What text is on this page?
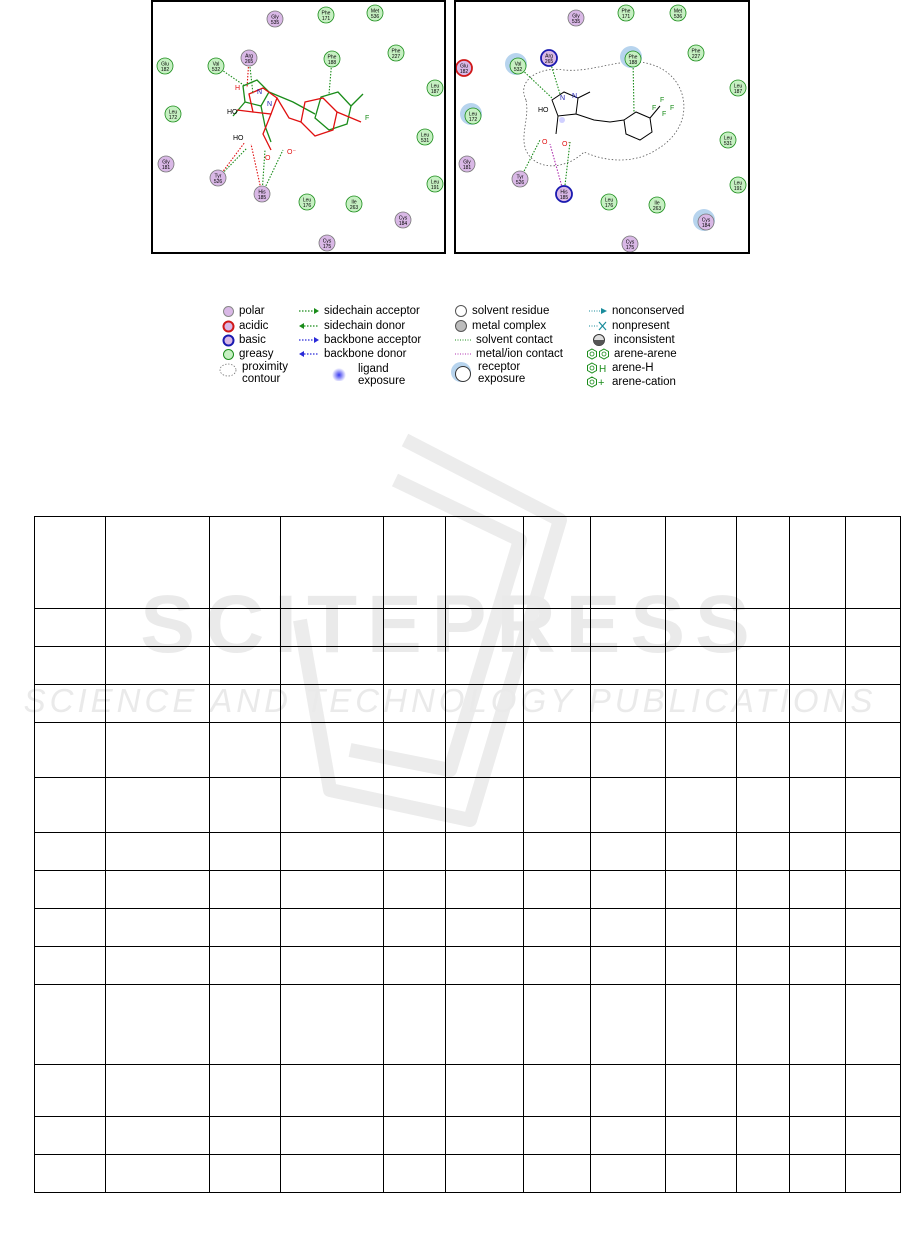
H
N
N
HO
HO
O
O⁻
F
Gly
535
Phe
171
Met
536
Glu
182
Val
532
Arg
265
Phe
188
Phe
227
Leu
187
Leu
172
Leu
531
Gly
181
Tyr
526
His
185	Leu
176
Ile
263
Leu
191
Cys
184
Cys
175
N N
HO
O O⁻
F
F
F
F
Gly
535
Phe
171
Met
536
Glu
182
Val
532
Arg
265
Phe
188
Phe
227
Leu
187
Leu
172
Leu
531
Gly
181
Tyr
526
His
185	Leu
176	Ile
263
Leu
191
Cys
184
Cys
175
polar
acidic
basic
greasy
proximity contour
sidechain acceptor
sidechain donor
backbone acceptor
backbone donor
ligand exposure
solvent residue
metal complex
solvent contact
metal/ion contact
receptor exposure
nonconserved
nonpresent
inconsistent
arene-arene
H arene-H
+ arene-cation
SCITEPRESS
SCIENCE AND TECHNOLOGY PUBLICATIONS
